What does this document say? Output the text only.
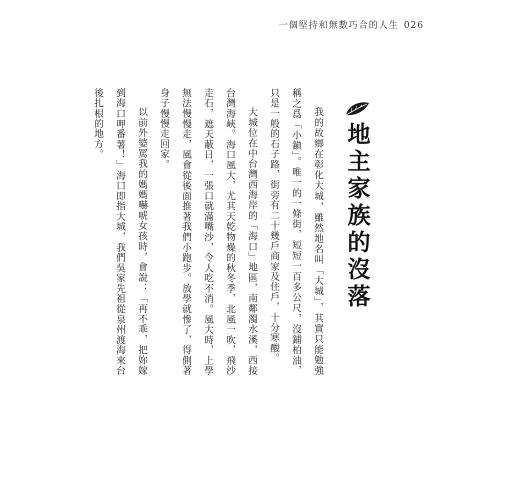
一個堅持和無數巧合的人生 026
地主家族的沒落

我的故鄉在彰化大城，雖然地名叫「大城」，其實只能勉強稱之爲「小鎭」。唯一的一條街，短短一百多公尺，沒鋪柏油，只是一般的石子路，街旁有二十幾戶商家及住戶，十分寒酸。

大城位在中台灣西海岸的「海口」地區，南鄰濁水溪，西接台灣海峽。海口風大，尤其天乾物燥的秋冬季，北風一吹，飛沙走石，遮天蔽日，一張口就滿嘴沙，令人吃不消。風大時，上學無法慢慢走，風會從後面推著我們小跑步。放學就慘了，得側著身子慢慢走回家。

以前外婆罵我的媽媽嚇唬女孩時，會說：「再不乖，把妳嫁到海口呷番薯！」海口即指大城，我們吳家先祖從泉州渡海來台後扎根的地方。
